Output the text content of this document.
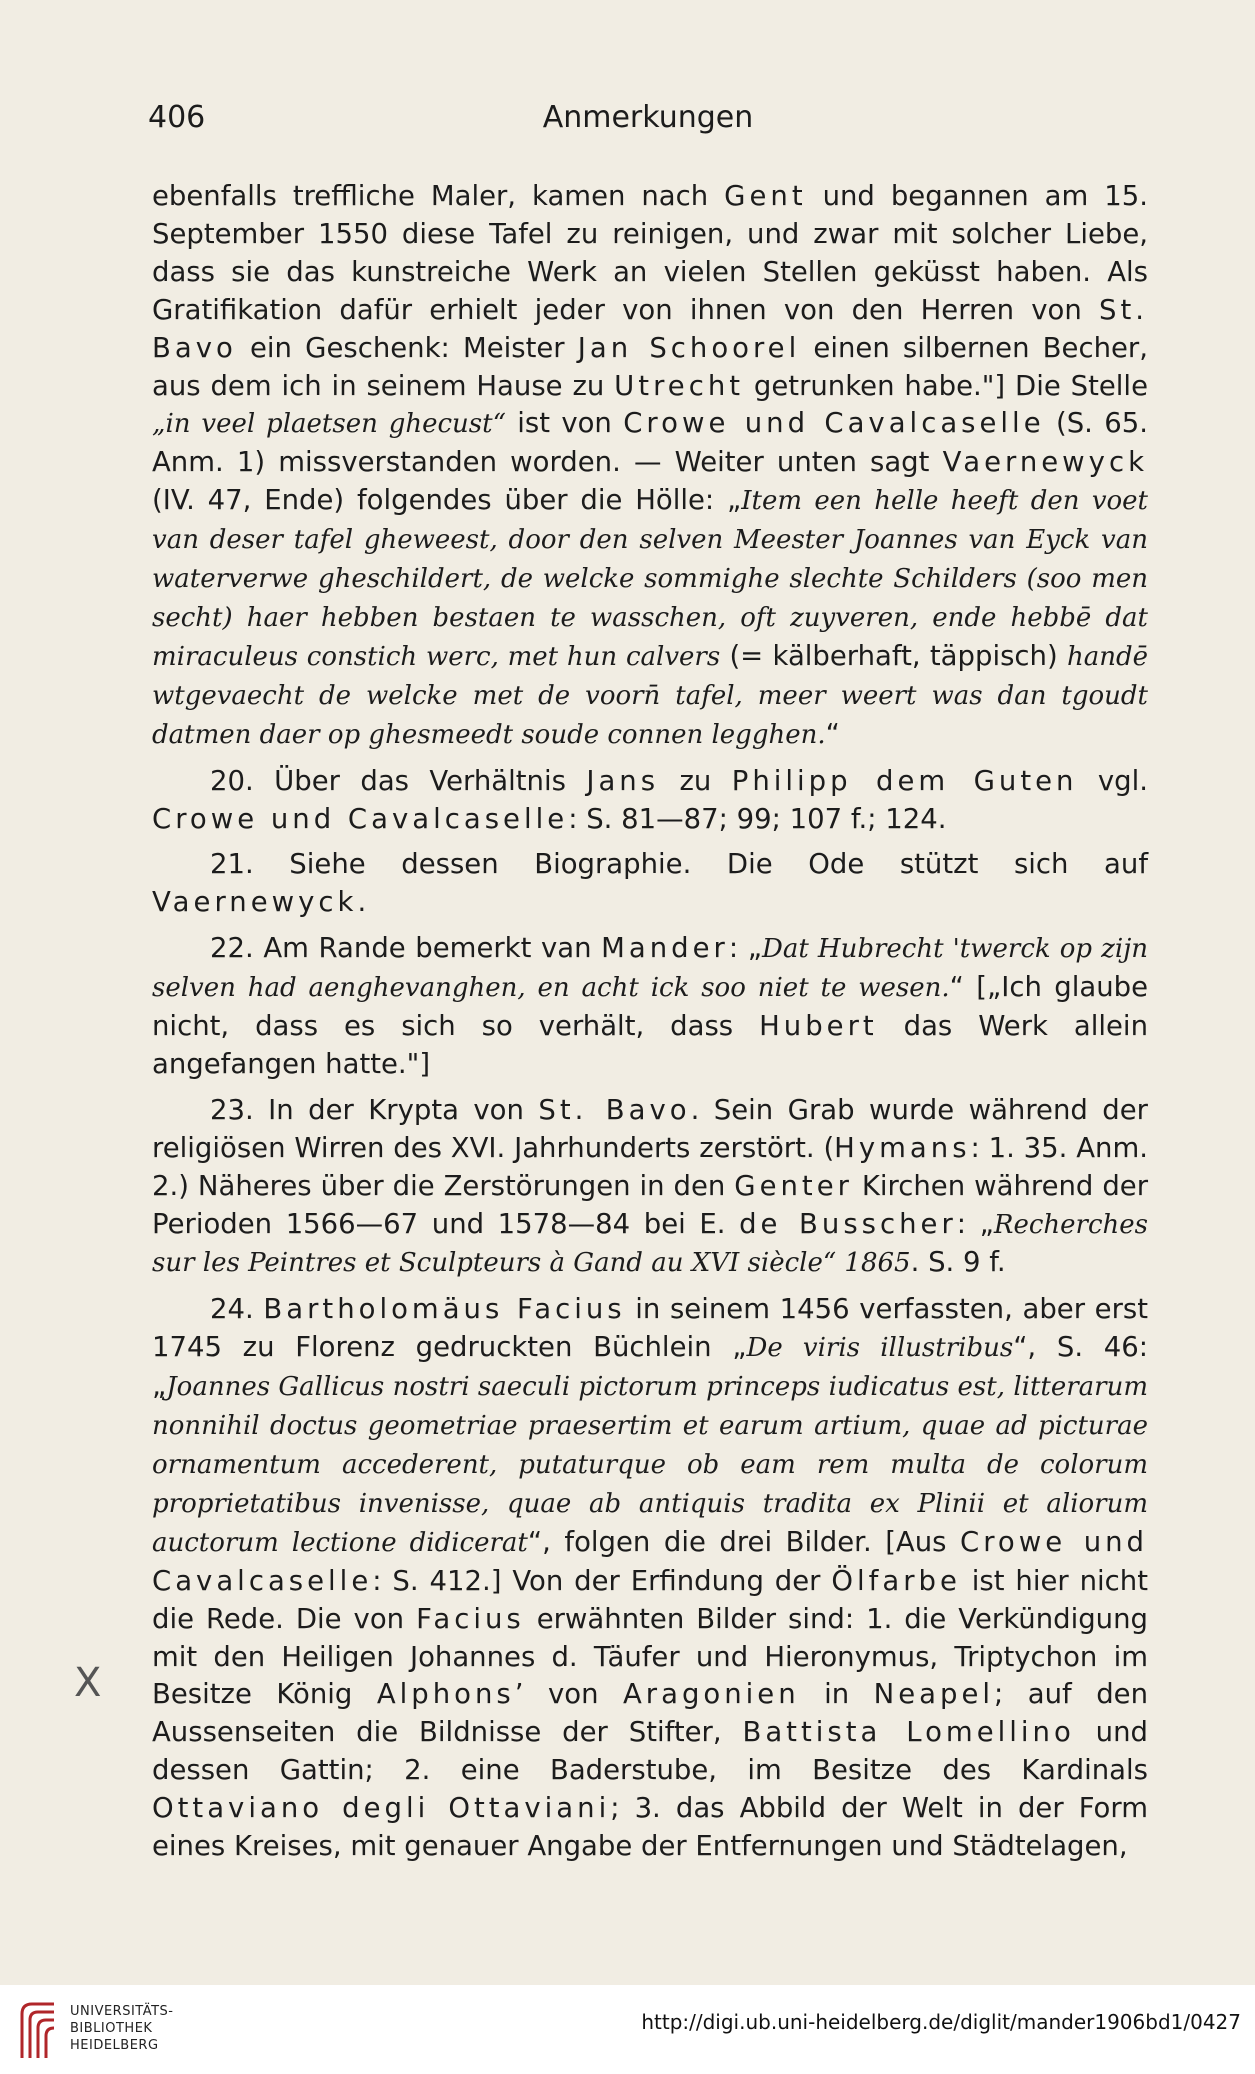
406	Anmerkungen

ebenfalls treffliche Maler, kamen nach Gent und begannen am 15. September 1550 diese Tafel zu reinigen, und zwar mit solcher Liebe, dass sie das kunstreiche Werk an vielen Stellen geküsst haben. Als Gratifikation dafür erhielt jeder von ihnen von den Herren von St. Bavo ein Geschenk: Meister Jan Schoorel einen silbernen Becher, aus dem ich in seinem Hause zu Utrecht getrunken habe."] Die Stelle „in veel plaetsen ghecust“ ist von Crowe und Cavalcaselle (S. 65. Anm. 1) missverstanden worden. — Weiter unten sagt Vaernewyck (IV. 47, Ende) folgendes über die Hölle: „Item een helle heeft den voet van deser tafel gheweest, door den selven Meester Joannes van Eyck van waterverwe gheschildert, de welcke sommighe slechte Schilders (soo men secht) haer hebben bestaen te wasschen, oft zuyveren, ende hebbē dat miraculeus constich werc, met hun calvers (= kälberhaft, täppisch) handē wtgevaecht de welcke met de voorn̄ tafel, meer weert was dan tgoudt datmen daer op ghesmeedt soude connen legghen.“

20. Über das Verhältnis Jans zu Philipp dem Guten vgl. Crowe und Cavalcaselle: S. 81—87; 99; 107 f.; 124.

21. Siehe dessen Biographie. Die Ode stützt sich auf Vaernewyck.

22. Am Rande bemerkt van Mander: „Dat Hubrecht 'twerck op zijn selven had aenghevanghen, en acht ick soo niet te wesen.“ [„Ich glaube nicht, dass es sich so verhält, dass Hubert das Werk allein angefangen hatte."]

23. In der Krypta von St. Bavo. Sein Grab wurde während der religiösen Wirren des XVI. Jahrhunderts zerstört. (Hymans: 1. 35. Anm. 2.) Näheres über die Zerstörungen in den Genter Kirchen während der Perioden 1566—67 und 1578—84 bei E. de Busscher: „Recherches sur les Peintres et Sculpteurs à Gand au XVI siècle“ 1865. S. 9 f.

24. Bartholomäus Facius in seinem 1456 verfassten, aber erst 1745 zu Florenz gedruckten Büchlein „De viris illustribus“, S. 46: „Joannes Gallicus nostri saeculi pictorum princeps iudicatus est, litterarum nonnihil doctus geometriae praesertim et earum artium, quae ad picturae ornamentum accederent, putaturque ob eam rem multa de colorum proprietatibus invenisse, quae ab antiquis tradita ex Plinii et aliorum auctorum lectione didicerat“, folgen die drei Bilder. [Aus Crowe und Cavalcaselle: S. 412.] Von der Erfindung der Ölfarbe ist hier nicht die Rede. Die von Facius erwähnten Bilder sind: 1. die Verkündigung mit den Heiligen Johannes d. Täufer und Hieronymus, Triptychon im Besitze König Alphons’ von Aragonien in Neapel; auf den Aussenseiten die Bildnisse der Stifter, Battista Lomellino und dessen Gattin; 2. eine Baderstube, im Besitze des Kardinals Ottaviano degli Ottaviani; 3. das Abbild der Welt in der Form eines Kreises, mit genauer Angabe der Entfernungen und Städtelagen,

X
UNIVERSITÄTS-
BIBLIOTHEK
HEIDELBERG
http://digi.ub.uni-heidelberg.de/diglit/mander1906bd1/0427
